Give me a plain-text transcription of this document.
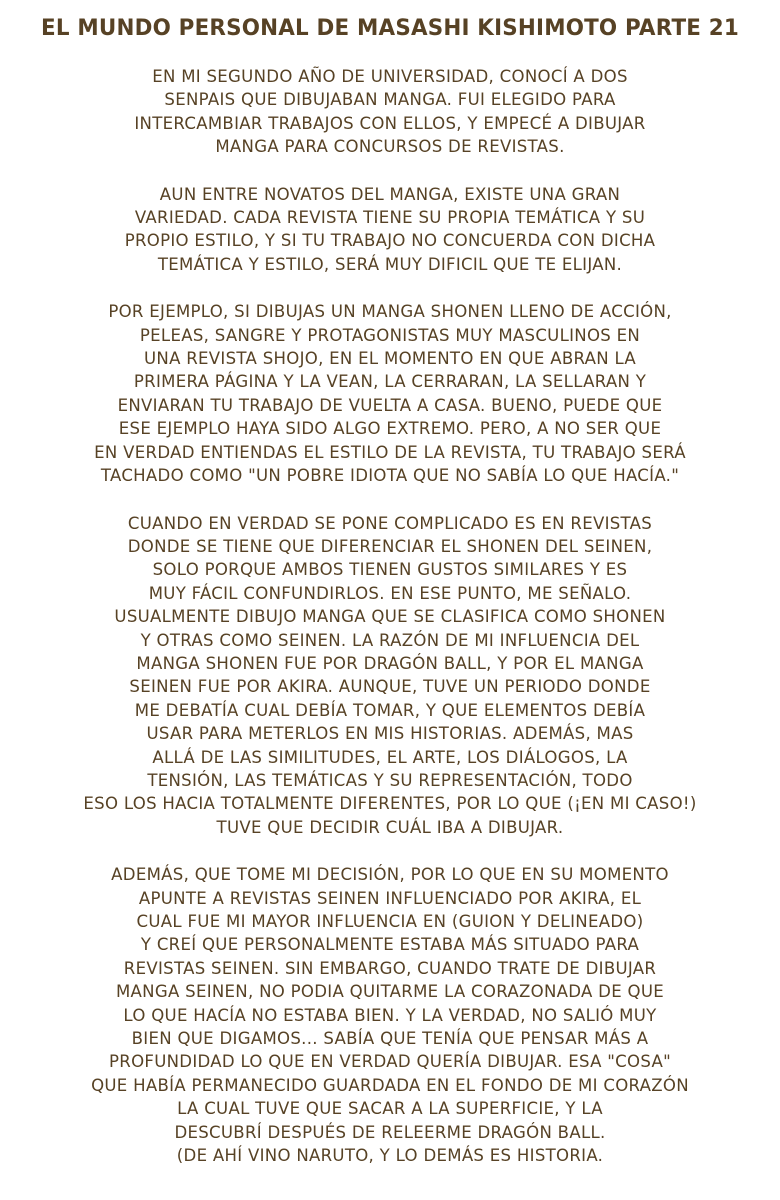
EL MUNDO PERSONAL DE MASASHI KISHIMOTO PARTE 21
EN MI SEGUNDO AÑO DE UNIVERSIDAD, CONOCÍ A DOS
SENPAIS QUE DIBUJABAN MANGA. FUI ELEGIDO PARA
INTERCAMBIAR TRABAJOS CON ELLOS, Y EMPECÉ A DIBUJAR
MANGA PARA CONCURSOS DE REVISTAS.
AUN ENTRE NOVATOS DEL MANGA, EXISTE UNA GRAN
VARIEDAD. CADA REVISTA TIENE SU PROPIA TEMÁTICA Y SU
PROPIO ESTILO, Y SI TU TRABAJO NO CONCUERDA CON DICHA
TEMÁTICA Y ESTILO, SERÁ MUY DIFICIL QUE TE ELIJAN.
POR EJEMPLO, SI DIBUJAS UN MANGA SHONEN LLENO DE ACCIÓN,
PELEAS, SANGRE Y PROTAGONISTAS MUY MASCULINOS EN
UNA REVISTA SHOJO, EN EL MOMENTO EN QUE ABRAN LA
PRIMERA PÁGINA Y LA VEAN, LA CERRARAN, LA SELLARAN Y
ENVIARAN TU TRABAJO DE VUELTA A CASA. BUENO, PUEDE QUE
ESE EJEMPLO HAYA SIDO ALGO EXTREMO. PERO, A NO SER QUE
EN VERDAD ENTIENDAS EL ESTILO DE LA REVISTA, TU TRABAJO SERÁ
TACHADO COMO "UN POBRE IDIOTA QUE NO SABÍA LO QUE HACÍA."
CUANDO EN VERDAD SE PONE COMPLICADO ES EN REVISTAS
DONDE SE TIENE QUE DIFERENCIAR EL SHONEN DEL SEINEN,
SOLO PORQUE AMBOS TIENEN GUSTOS SIMILARES Y ES
MUY FÁCIL CONFUNDIRLOS. EN ESE PUNTO, ME SEÑALO.
USUALMENTE DIBUJO MANGA QUE SE CLASIFICA COMO SHONEN
Y OTRAS COMO SEINEN. LA RAZÓN DE MI INFLUENCIA DEL
MANGA SHONEN FUE POR DRAGÓN BALL, Y POR EL MANGA
SEINEN FUE POR AKIRA. AUNQUE, TUVE UN PERIODO DONDE
ME DEBATÍA CUAL DEBÍA TOMAR, Y QUE ELEMENTOS DEBÍA
USAR PARA METERLOS EN MIS HISTORIAS. ADEMÁS, MAS
ALLÁ DE LAS SIMILITUDES, EL ARTE, LOS DIÁLOGOS, LA
TENSIÓN, LAS TEMÁTICAS Y SU REPRESENTACIÓN, TODO
ESO LOS HACIA TOTALMENTE DIFERENTES, POR LO QUE (¡EN MI CASO!)
TUVE QUE DECIDIR CUÁL IBA A DIBUJAR.
ADEMÁS, QUE TOME MI DECISIÓN, POR LO QUE EN SU MOMENTO
APUNTE A REVISTAS SEINEN INFLUENCIADO POR AKIRA, EL
CUAL FUE MI MAYOR INFLUENCIA EN (GUION Y DELINEADO)
Y CREÍ QUE PERSONALMENTE ESTABA MÁS SITUADO PARA
REVISTAS SEINEN. SIN EMBARGO, CUANDO TRATE DE DIBUJAR
MANGA SEINEN, NO PODIA QUITARME LA CORAZONADA DE QUE
LO QUE HACÍA NO ESTABA BIEN. Y LA VERDAD, NO SALIÓ MUY
BIEN QUE DIGAMOS... SABÍA QUE TENÍA QUE PENSAR MÁS A
PROFUNDIDAD LO QUE EN VERDAD QUERÍA DIBUJAR. ESA "COSA"
QUE HABÍA PERMANECIDO GUARDADA EN EL FONDO DE MI CORAZÓN
LA CUAL TUVE QUE SACAR A LA SUPERFICIE, Y LA
DESCUBRÍ DESPUÉS DE RELEERME DRAGÓN BALL.
(DE AHÍ VINO NARUTO, Y LO DEMÁS ES HISTORIA.
